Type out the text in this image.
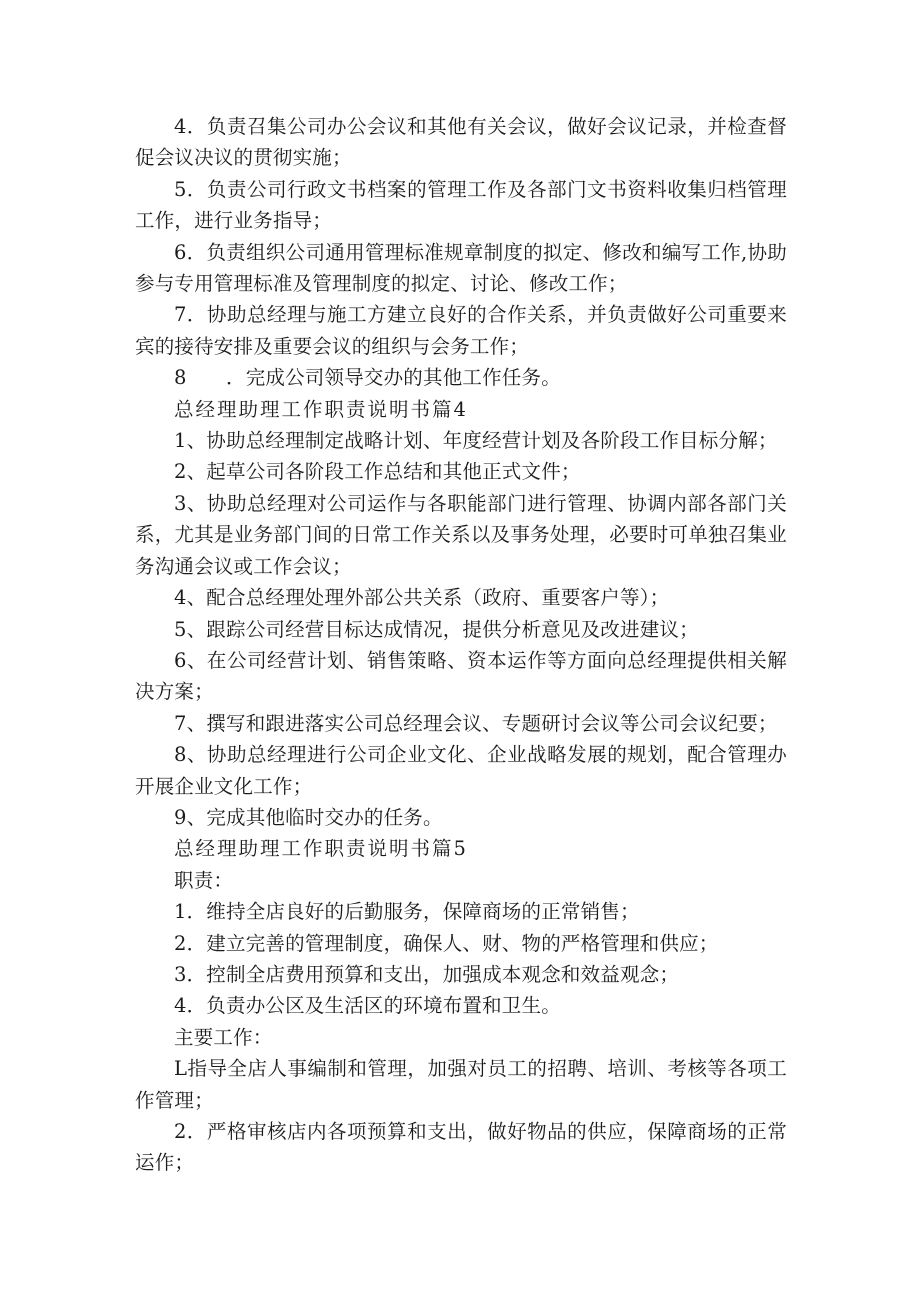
4．负责召集公司办公会议和其他有关会议，做好会议记录，并检查督促会议决议的贯彻实施；

5．负责公司行政文书档案的管理工作及各部门文书资料收集归档管理工作，进行业务指导；

6．负责组织公司通用管理标准规章制度的拟定、修改和编写工作,协助参与专用管理标准及管理制度的拟定、讨论、修改工作；

7．协助总经理与施工方建立良好的合作关系，并负责做好公司重要来宾的接待安排及重要会议的组织与会务工作；

8　　．完成公司领导交办的其他工作任务。

总经理助理工作职责说明书篇4

1、协助总经理制定战略计划、年度经营计划及各阶段工作目标分解；

2、起草公司各阶段工作总结和其他正式文件；

3、协助总经理对公司运作与各职能部门进行管理、协调内部各部门关系，尤其是业务部门间的日常工作关系以及事务处理，必要时可单独召集业务沟通会议或工作会议；

4、配合总经理处理外部公共关系（政府、重要客户等）；

5、跟踪公司经营目标达成情况，提供分析意见及改进建议；

6、在公司经营计划、销售策略、资本运作等方面向总经理提供相关解决方案；

7、撰写和跟进落实公司总经理会议、专题研讨会议等公司会议纪要；

8、协助总经理进行公司企业文化、企业战略发展的规划，配合管理办开展企业文化工作；

9、完成其他临时交办的任务。

总经理助理工作职责说明书篇5

职责：

1．维持全店良好的后勤服务，保障商场的正常销售；

2．建立完善的管理制度，确保人、财、物的严格管理和供应；

3．控制全店费用预算和支出，加强成本观念和效益观念；

4．负责办公区及生活区的环境布置和卫生。

主要工作：

L指导全店人事编制和管理，加强对员工的招聘、培训、考核等各项工作管理；

2．严格审核店内各项预算和支出，做好物品的供应，保障商场的正常运作；
